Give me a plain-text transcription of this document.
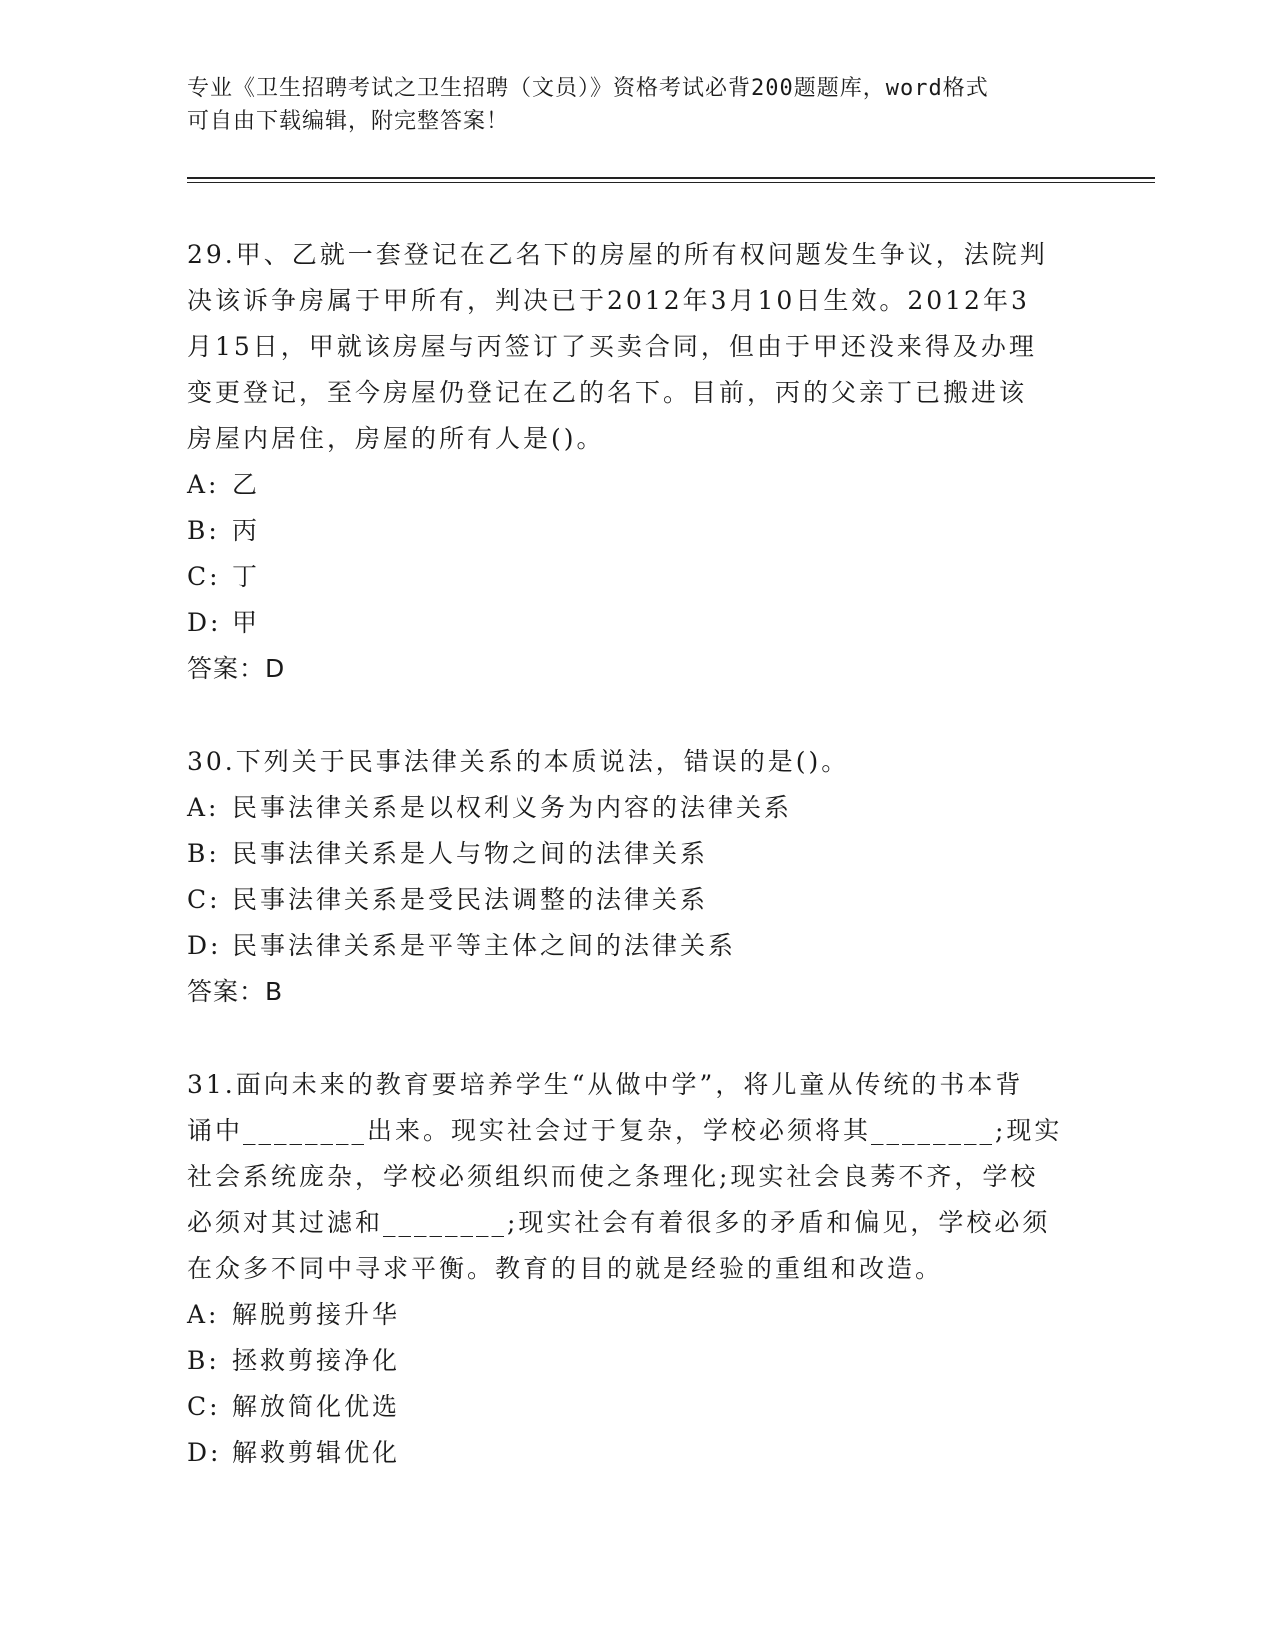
专业《卫生招聘考试之卫生招聘（文员）》资格考试必背200题题库，word格式
可自由下载编辑，附完整答案！

29.甲、乙就一套登记在乙名下的房屋的所有权问题发生争议，法院判
决该诉争房属于甲所有，判决已于2012年3月10日生效。2012年3
月15日，甲就该房屋与丙签订了买卖合同，但由于甲还没来得及办理
变更登记，至今房屋仍登记在乙的名下。目前，丙的父亲丁已搬进该
房屋内居住，房屋的所有人是()。

A: 乙

B: 丙

C: 丁

D: 甲

答案：D

30.下列关于民事法律关系的本质说法，错误的是()。

A: 民事法律关系是以权利义务为内容的法律关系

B: 民事法律关系是人与物之间的法律关系

C: 民事法律关系是受民法调整的法律关系

D: 民事法律关系是平等主体之间的法律关系

答案：B

31.面向未来的教育要培养学生“从做中学”，将儿童从传统的书本背
诵中________出来。现实社会过于复杂，学校必须将其________;现实
社会系统庞杂，学校必须组织而使之条理化;现实社会良莠不齐，学校
必须对其过滤和________;现实社会有着很多的矛盾和偏见，学校必须
在众多不同中寻求平衡。教育的目的就是经验的重组和改造。

A: 解脱剪接升华

B: 拯救剪接净化

C: 解放简化优选

D: 解救剪辑优化
